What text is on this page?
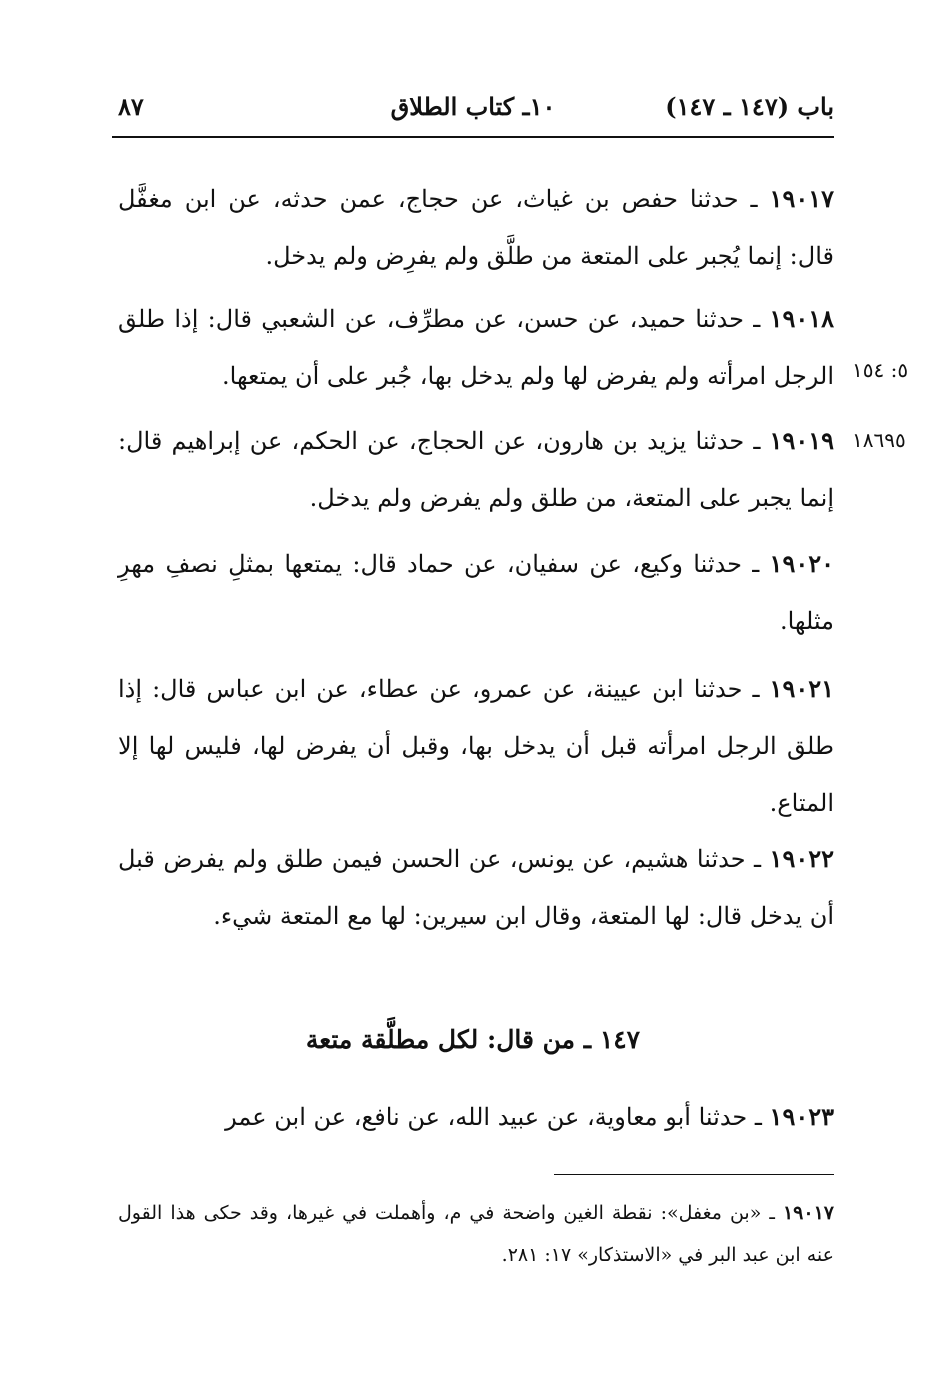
باب (١٤٧ ـ ١٤٧)
١٠ـ كتاب الطلاق
٨٧
١٩٠١٧ ـ حدثنا حفص بن غياث، عن حجاج، عمن حدثه، عن ابن مغفَّل قال: إنما يُجبر على المتعة من طلَّق ولم يفرِض ولم يدخل.
١٩٠١٨ ـ حدثنا حميد، عن حسن، عن مطرِّف، عن الشعبي قال: إذا طلق الرجل امرأته ولم يفرض لها ولم يدخل بها، جُبر على أن يمتعها. ٥: ١٥٤
١٩٠١٩ ـ حدثنا يزيد بن هارون، عن الحجاج، عن الحكم، عن إبراهيم قال: إنما يجبر على المتعة، من طلق ولم يفرض ولم يدخل.
١٨٦٩٥
١٩٠٢٠ ـ حدثنا وكيع، عن سفيان، عن حماد قال: يمتعها بمثلِ نصفِ مهرِ مثلها.
١٩٠٢١ ـ حدثنا ابن عيينة، عن عمرو، عن عطاء، عن ابن عباس قال: إذا طلق الرجل امرأته قبل أن يدخل بها، وقبل أن يفرض لها، فليس لها إلا المتاع.
١٩٠٢٢ ـ حدثنا هشيم، عن يونس، عن الحسن فيمن طلق ولم يفرض قبل أن يدخل قال: لها المتعة، وقال ابن سيرين: لها مع المتعة شيء.
١٤٧ ـ من قال: لكل مطلَّقة متعة
١٩٠٢٣ ـ حدثنا أبو معاوية، عن عبيد الله، عن نافع، عن ابن عمر
١٩٠١٧ ـ «بن مغفل»: نقطة الغين واضحة في م، وأهملت في غيرها، وقد حكى هذا القول عنه ابن عبد البر في «الاستذكار» ١٧: ٢٨١.
